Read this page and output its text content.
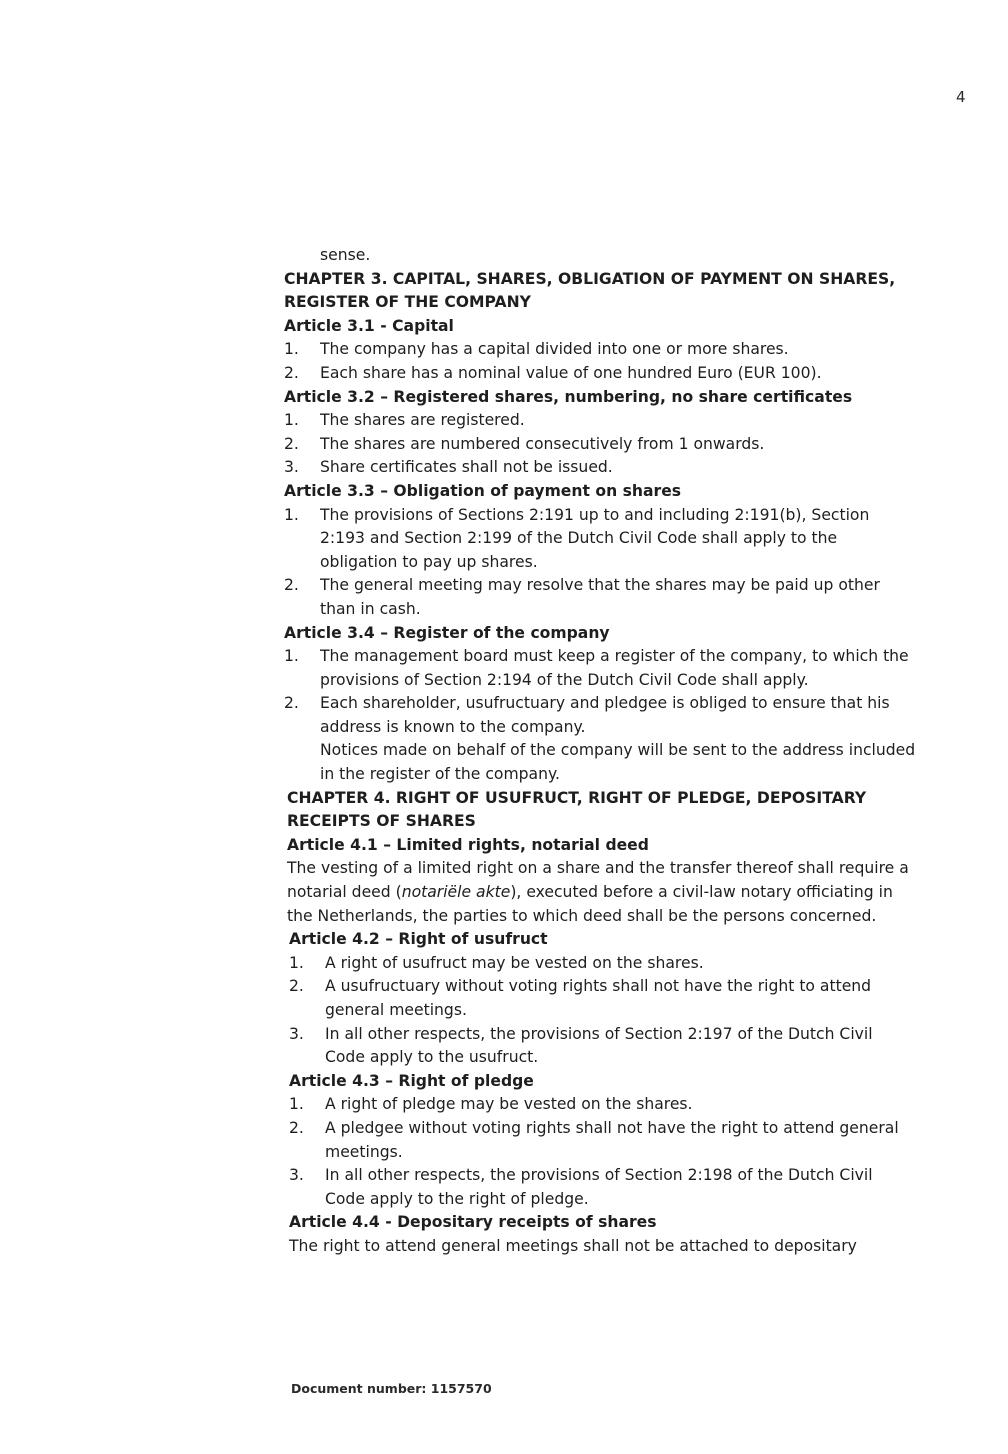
4
sense.
CHAPTER 3. CAPITAL, SHARES, OBLIGATION OF PAYMENT ON SHARES,
REGISTER OF THE COMPANY
Article 3.1 - Capital
1.	The company has a capital divided into one or more shares.
2.	Each share has a nominal value of one hundred Euro (EUR 100).
Article 3.2 – Registered shares, numbering, no share certificates
1.	The shares are registered.
2.	The shares are numbered consecutively from 1 onwards.
3.	Share certificates shall not be issued.
Article 3.3 – Obligation of payment on shares
1.	The provisions of Sections 2:191 up to and including 2:191(b), Section
2:193 and Section 2:199 of the Dutch Civil Code shall apply to the
obligation to pay up shares.
2.	The general meeting may resolve that the shares may be paid up other
than in cash.
Article 3.4 – Register of the company
1.	The management board must keep a register of the company, to which the
provisions of Section 2:194 of the Dutch Civil Code shall apply.
2.	Each shareholder, usufructuary and pledgee is obliged to ensure that his
address is known to the company.
Notices made on behalf of the company will be sent to the address included
in the register of the company.
CHAPTER 4. RIGHT OF USUFRUCT, RIGHT OF PLEDGE, DEPOSITARY
RECEIPTS OF SHARES
Article 4.1 – Limited rights, notarial deed
The vesting of a limited right on a share and the transfer thereof shall require a
notarial deed (notariële akte), executed before a civil-law notary officiating in
the Netherlands, the parties to which deed shall be the persons concerned.
Article 4.2 – Right of usufruct
1.	A right of usufruct may be vested on the shares.
2.	A usufructuary without voting rights shall not have the right to attend
general meetings.
3.	In all other respects, the provisions of Section 2:197 of the Dutch Civil
Code apply to the usufruct.
Article 4.3 – Right of pledge
1.	A right of pledge may be vested on the shares.
2.	A pledgee without voting rights shall not have the right to attend general
meetings.
3.	In all other respects, the provisions of Section 2:198 of the Dutch Civil
Code apply to the right of pledge.
Article 4.4 - Depositary receipts of shares
The right to attend general meetings shall not be attached to depositary
Document number: 1157570
